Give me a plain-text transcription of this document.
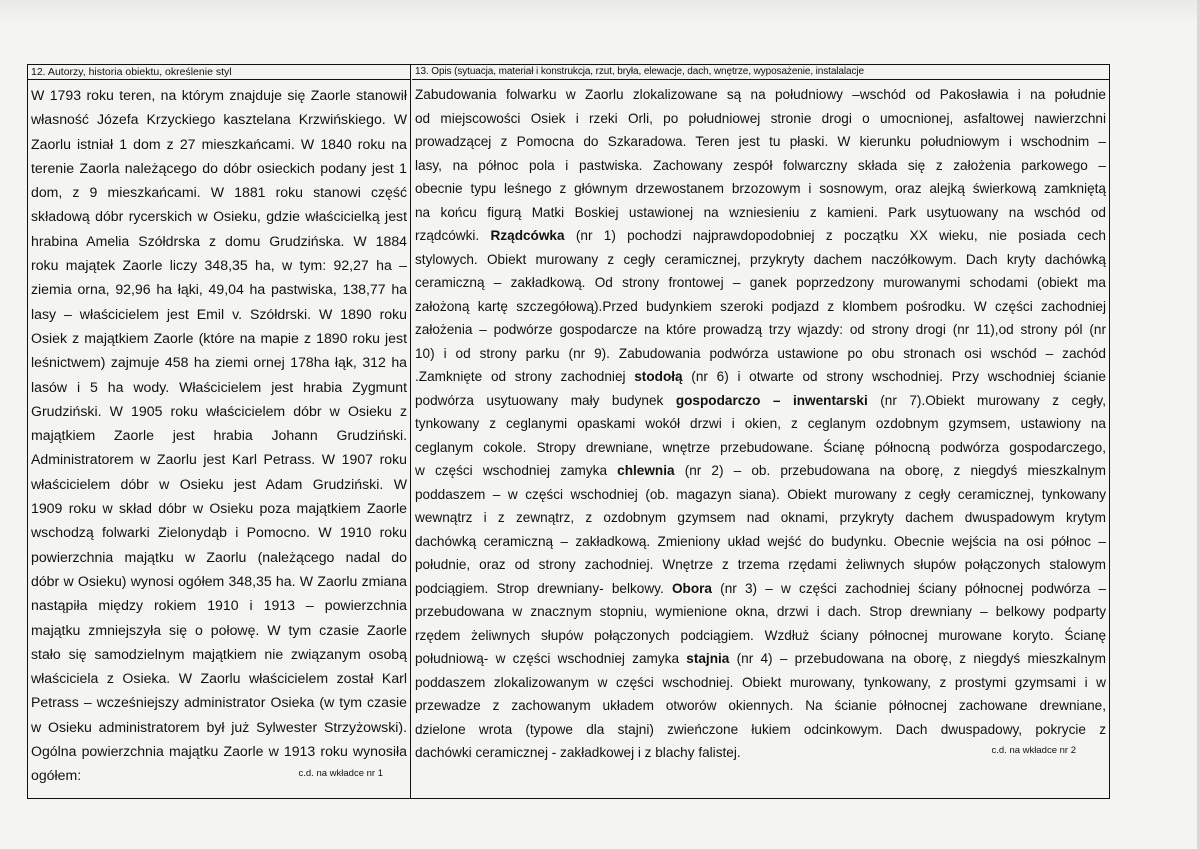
12. Autorzy, historia obiektu, określenie styl
W 1793 roku teren, na którym znajduje się Zaorle stanowił
własność Józefa Krzyckiego kasztelana Krzwińskiego. W
Zaorlu istniał 1 dom z 27 mieszkańcami. W 1840 roku na
terenie Zaorla należącego do dóbr osieckich podany jest 1
dom, z 9 mieszkańcami. W 1881 roku stanowi część
składową dóbr rycerskich w Osieku, gdzie właścicielką jest
hrabina Amelia Szółdrska z domu Grudzińska. W 1884
roku majątek Zaorle liczy 348,35 ha, w tym: 92,27 ha –
ziemia orna, 92,96 ha łąki, 49,04 ha pastwiska, 138,77 ha
lasy – właścicielem jest Emil v. Szółdrski. W 1890 roku
Osiek z majątkiem Zaorle (które na mapie z 1890 roku jest
leśnictwem) zajmuje 458 ha ziemi ornej 178ha łąk, 312 ha
lasów i 5 ha wody. Właścicielem jest hrabia Zygmunt
Grudziński. W 1905 roku właścicielem dóbr w Osieku z
majątkiem Zaorle jest hrabia Johann Grudziński.
Administratorem w Zaorlu jest Karl Petrass. W 1907 roku
właścicielem dóbr w Osieku jest Adam Grudziński. W
1909 roku w skład dóbr w Osieku poza majątkiem Zaorle
wschodzą folwarki Zielonydąb i Pomocno. W 1910 roku
powierzchnia majątku w Zaorlu (należącego nadal do
dóbr w Osieku) wynosi ogółem 348,35 ha. W Zaorlu zmiana
nastąpiła między rokiem 1910 i 1913 – powierzchnia
majątku zmniejszyła się o połowę. W tym czasie Zaorle
stało się samodzielnym majątkiem nie związanym osobą
właściciela z Osieka. W Zaorlu właścicielem został Karl
Petrass – wcześniejszy administrator Osieka (w tym czasie
w Osieku administratorem był już Sylwester Strzyżowski).
Ogólna powierzchnia majątku Zaorle w 1913 roku wynosiła
ogółem:	c.d. na wkładce nr 1
13. Opis (sytuacja, materiał i konstrukcja, rzut, bryła, elewacje, dach, wnętrze, wyposażenie, instalalacje
Zabudowania folwarku w Zaorlu zlokalizowane są na południowy –wschód od Pakosławia i na południe
od miejscowości Osiek i rzeki Orli, po południowej stronie drogi o umocnionej, asfaltowej nawierzchni
prowadzącej z Pomocna do Szkaradowa. Teren jest tu płaski. W kierunku południowym i wschodnim –
lasy, na północ pola i pastwiska. Zachowany zespół folwarczny składa się z założenia parkowego –
obecnie typu leśnego z głównym drzewostanem brzozowym i sosnowym, oraz alejką świerkową zamkniętą
na końcu figurą Matki Boskiej ustawionej na wzniesieniu z kamieni. Park usytuowany na wschód od
rządcówki. Rządcówka (nr 1) pochodzi najprawdopodobniej z początku XX wieku, nie posiada cech
stylowych. Obiekt murowany z cegły ceramicznej, przykryty dachem naczółkowym. Dach kryty dachówką
ceramiczną – zakładkową. Od strony frontowej – ganek poprzedzony murowanymi schodami (obiekt ma
założoną kartę szczegółową).Przed budynkiem szeroki podjazd z klombem pośrodku. W części zachodniej
założenia – podwórze gospodarcze na które prowadzą trzy wjazdy: od strony drogi (nr 11),od strony pól (nr
10) i od strony parku (nr 9). Zabudowania podwórza ustawione po obu stronach osi wschód – zachód
.Zamknięte od strony zachodniej stodołą (nr 6) i otwarte od strony wschodniej. Przy wschodniej ścianie
podwórza usytuowany mały budynek gospodarczo – inwentarski (nr 7).Obiekt murowany z cegły,
tynkowany z ceglanymi opaskami wokół drzwi i okien, z ceglanym ozdobnym gzymsem, ustawiony na
ceglanym cokole. Stropy drewniane, wnętrze przebudowane. Ścianę północną podwórza gospodarczego,
w części wschodniej zamyka chlewnia (nr 2) – ob. przebudowana na oborę, z niegdyś mieszkalnym
poddaszem – w części wschodniej (ob. magazyn siana). Obiekt murowany z cegły ceramicznej, tynkowany
wewnątrz i z zewnątrz, z ozdobnym gzymsem nad oknami, przykryty dachem dwuspadowym krytym
dachówką ceramiczną – zakładkową. Zmieniony układ wejść do budynku. Obecnie wejścia na osi północ –
południe, oraz od strony zachodniej. Wnętrze z trzema rzędami żeliwnych słupów połączonych stalowym
podciągiem. Strop drewniany- belkowy. Obora (nr 3) – w części zachodniej ściany północnej podwórza –
przebudowana w znacznym stopniu, wymienione okna, drzwi i dach. Strop drewniany – belkowy podparty
rzędem żeliwnych słupów połączonych podciągiem. Wzdłuż ściany północnej murowane koryto. Ścianę
południową- w części wschodniej zamyka stajnia (nr 4) – przebudowana na oborę, z niegdyś mieszkalnym
poddaszem zlokalizowanym w części wschodniej. Obiekt murowany, tynkowany, z prostymi gzymsami i w
przewadze z zachowanym układem otworów okiennych. Na ścianie północnej zachowane drewniane,
dzielone wrota (typowe dla stajni) zwieńczone łukiem odcinkowym. Dach dwuspadowy, pokrycie z
dachówki ceramicznej - zakładkowej i z blachy falistej.	c.d. na wkładce nr 2
